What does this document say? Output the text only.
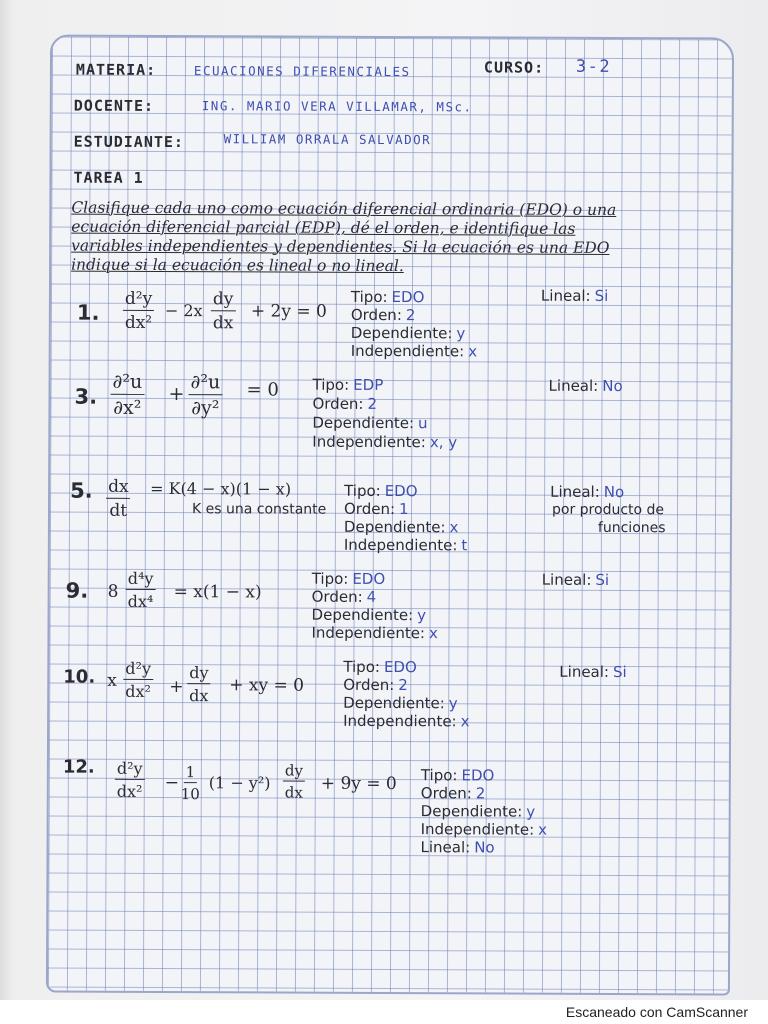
MATERIA:	ECUACIONES DIFERENCIALES	CURSO: 3-2
DOCENTE:	ING. MARIO VERA VILLAMAR, MSc.
ESTUDIANTE:	WILLIAM ORRALA SALVADOR
TAREA 1
Clasifique cada uno como ecuación diferencial ordinaria (EDO) o una
ecuación diferencial parcial (EDP), dé el orden, e identifique las
variables independientes y dependientes. Si la ecuación es una EDO
indique si la ecuación es lineal o no lineal.
1. $\frac{\text{d²y}}{\text{dx²}} - 2x \frac{dy}{dx} + 2y = 0$
Tipo: EDO
Orden: 2
Dependiente: y
Independiente: x
Lineal: Si
3. $\frac{\text{∂²u}}{\text{∂x²}} + \frac{\text{∂²u}}{\text{∂y²}} = 0$ Tipo: EDP
Orden: 2
Dependiente: u
Independiente: x, y
Lineal: No
5. $\frac{dx}{dt} = K(4 - x)(1 - x)$
K es una constante
Tipo: EDO
Orden: 1
Dependiente: x
Independiente: t
Lineal: No
por producto de
funciones
9. $8 \frac{\text{d⁴y}}{\text{dx⁴}} = x(1 - x)$
Tipo: EDO
Orden: 4
Dependiente: y
Independiente: x
Lineal: Si
10. x $\frac{\text{d²y}}{\text{dx²}} + \frac{dy}{dx}$ + xy = 0
Tipo: EDO
Orden: 2
Dependiente: y
Independiente: x
Lineal: Si
12. $\frac{\text{d²y}}{\text{dx²}} - \frac{1}{10} (1 - y^2) \frac{dy}{dx} + 9y = 0$ Tipo: EDO
Orden: 2
Dependiente: y
Independiente: x
Lineal: No
Escaneado con CamScanner
